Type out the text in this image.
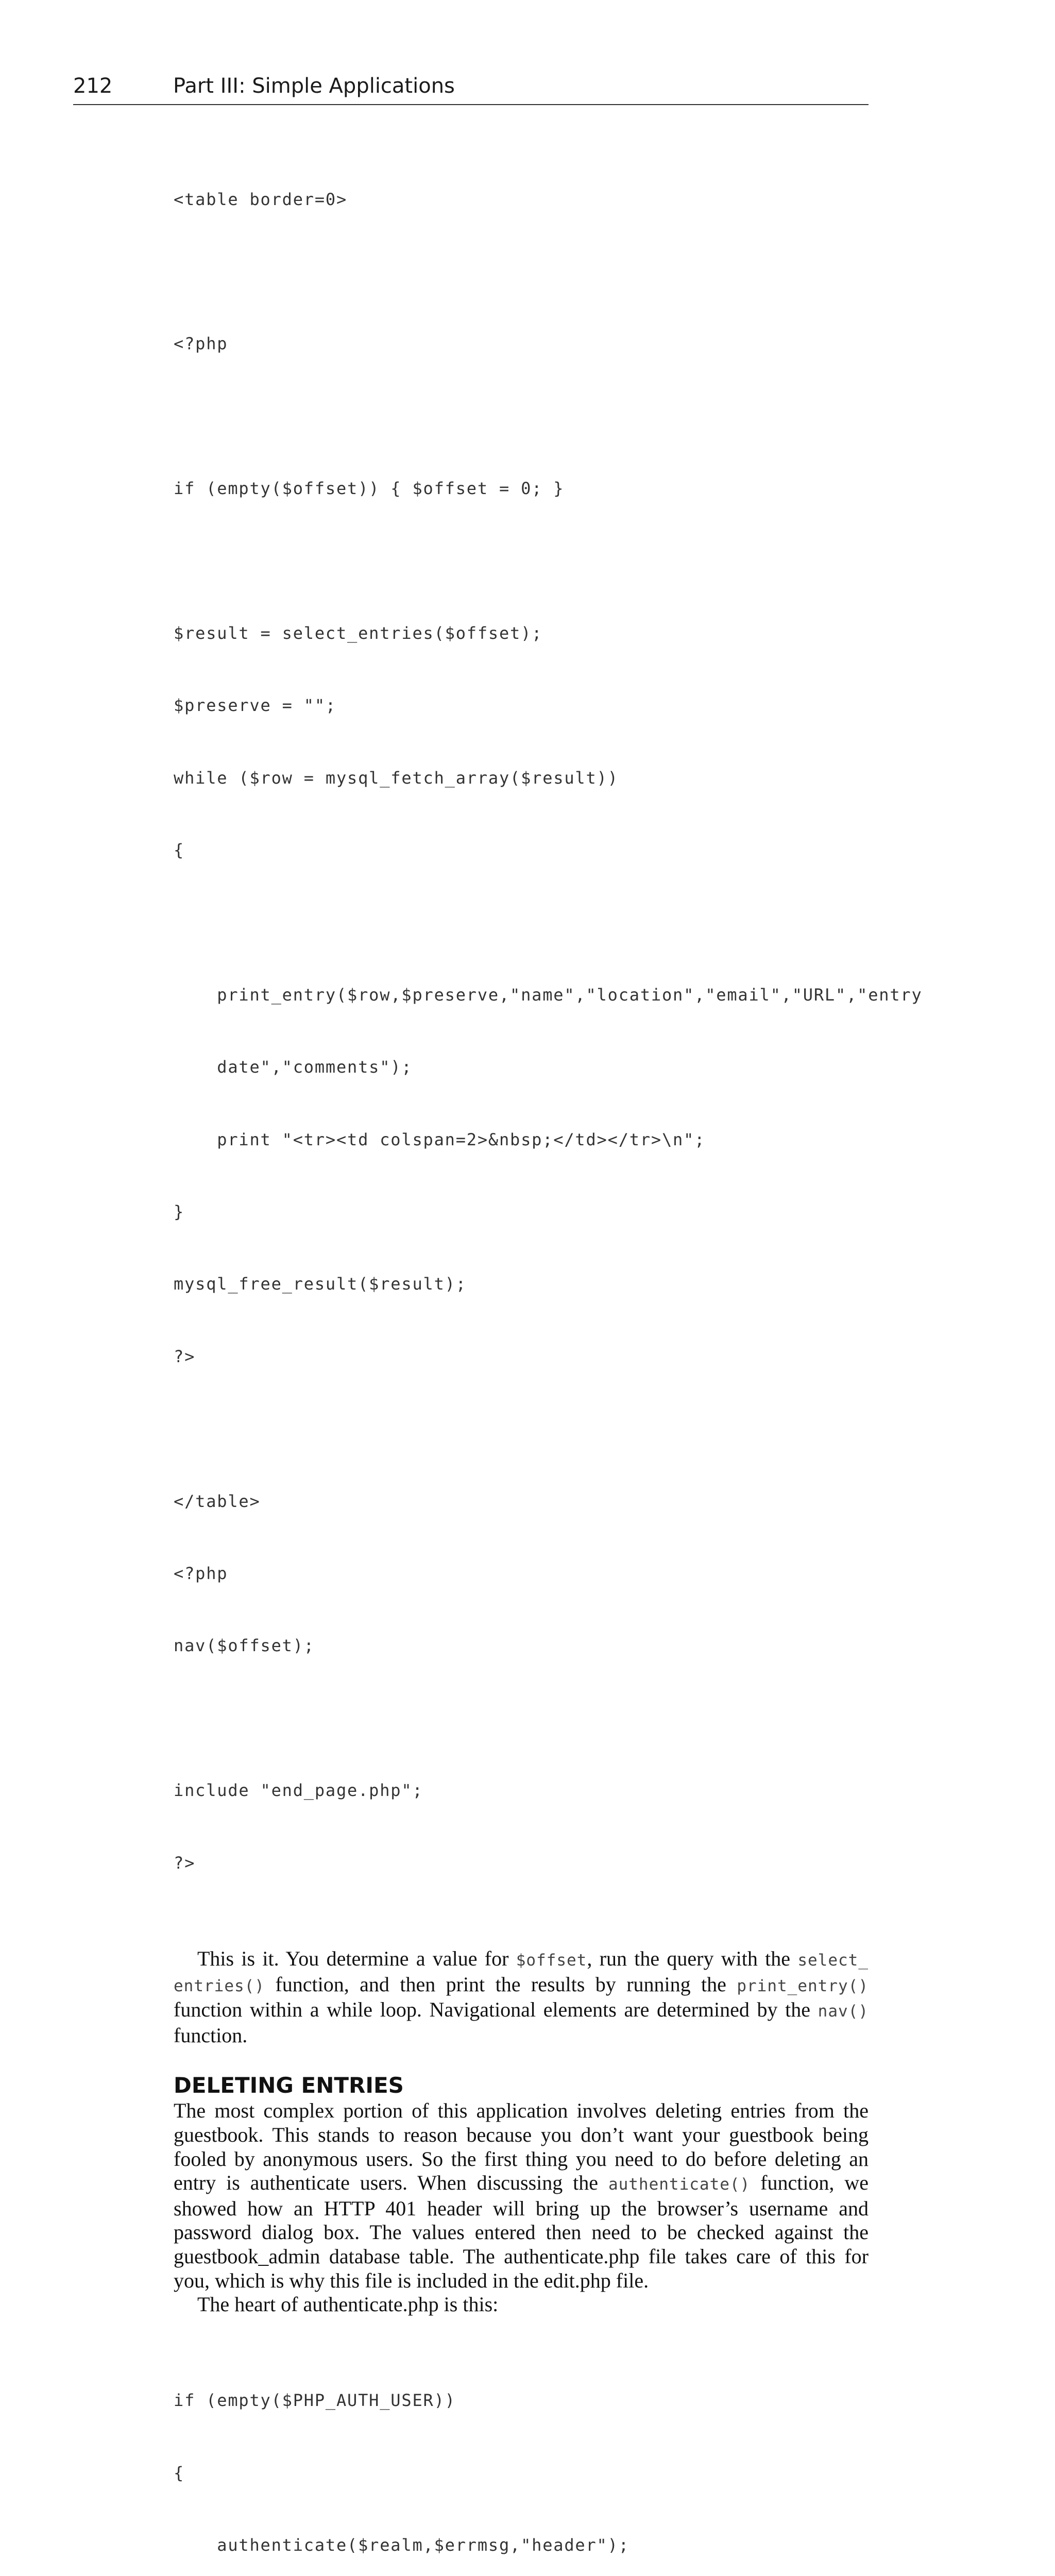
212	Part III: Simple Applications

<table border=0>

<?php

if (empty($offset)) { $offset = 0; }

$result = select_entries($offset);

$preserve = "";

while ($row = mysql_fetch_array($result))

{

print_entry($row,$preserve,"name","location","email","URL","entry

date","comments");

print "<tr><td colspan=2>&nbsp;</td></tr>\n";

}

mysql_free_result($result);

?>

</table>

<?php

nav($offset);

include "end_page.php";

?>

This is it. You determine a value for $offset, run the query with the select_ entries() function, and then print the results by running the print_entry() function within a while loop. Navigational elements are determined by the nav() function.

DELETING ENTRIES

The most complex portion of this application involves deleting entries from the guestbook. This stands to reason because you don’t want your guestbook being fooled by anonymous users. So the first thing you need to do before deleting an entry is authenticate users. When discussing the authenticate() function, we showed how an HTTP 401 header will bring up the browser’s username and password dialog box. The values entered then need to be checked against the guestbook_admin database table. The authenticate.php file takes care of this for you, which is why this file is included in the edit.php file.

The heart of authenticate.php is this:

if (empty($PHP_AUTH_USER))

{

authenticate($realm,$errmsg,"header");
